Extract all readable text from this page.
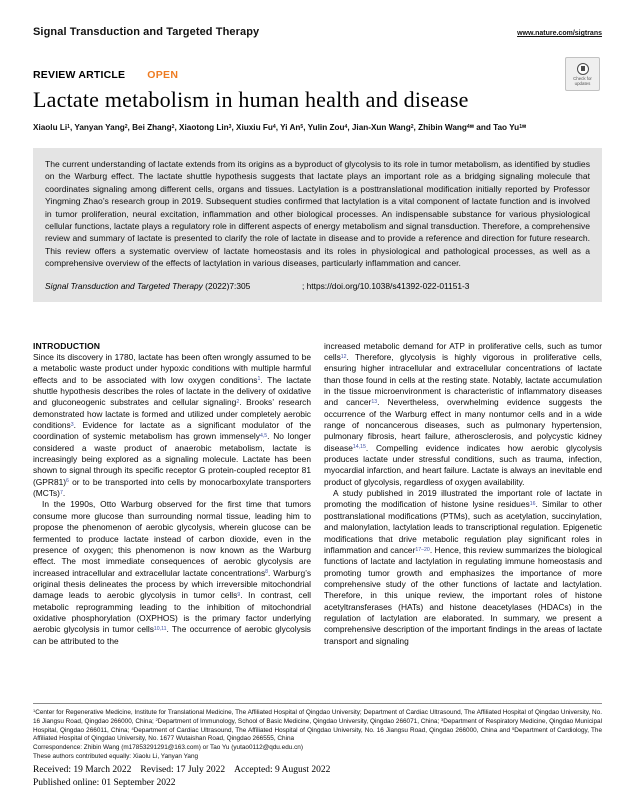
Signal Transduction and Targeted Therapy	www.nature.com/sigtrans
Check for
updates
REVIEW ARTICLE OPEN
Lactate metabolism in human health and disease
Xiaolu Li$^1$, Yanyan Yang$^2$, Bei Zhang$^2$, Xiaotong Lin$^3$, Xiuxiu Fu$^4$, Yi An$^5$, Yulin Zou$^4$, Jian-Xun Wang$^2$, Zhibin Wang$^{4✉}$ and Tao $Yu^{1✉}$
The current understanding of lactate extends from its origins as a byproduct of glycolysis to its role in tumor metabolism, as identified by studies on the Warburg effect. The lactate shuttle hypothesis suggests that lactate plays an important role as a bridging signaling molecule that coordinates signaling among different cells, organs and tissues. Lactylation is a posttranslational modification initially reported by Professor Yingming Zhao’s research group in 2019. Subsequent studies confirmed that lactylation is a vital component of lactate function and is involved in tumor proliferation, neural excitation, inflammation and other biological processes. An indispensable substance for various physiological cellular functions, lactate plays a regulatory role in different aspects of energy metabolism and signal transduction. Therefore, a comprehensive review and summary of lactate is presented to clarify the role of lactate in disease and to provide a reference and direction for future research. This review offers a systematic overview of lactate homeostasis and its roles in physiological and pathological processes, as well as a comprehensive overview of the effects of lactylation in various diseases, particularly inflammation and cancer.
Signal Transduction and Targeted Therapy (2022)7:305	; https://doi.org/10.1038/s41392-022-01151-3
INTRODUCTION

Since its discovery in 1780, lactate has been often wrongly assumed to be a metabolic waste product under hypoxic conditions with multiple harmful effects and to be associated with low oxygen conditions$^1$. The lactate shuttle hypothesis describes the roles of lactate in the delivery of oxidative and gluconeogenic substrates and cellular signaling$^2$. Brooks’ research demonstrated how lactate is formed and utilized under completely aerobic conditions$^3$. Evidence for lactate as a significant modulator of the coordination of systemic metabolism has grown immensely$^{4,5}$. No longer considered a waste product of anaerobic metabolism, lactate is increasingly being explored as a signaling molecule. Lactate has been shown to signal through its specific receptor G protein-coupled receptor 81 (GPR81)$^6$ or to be transported into cells by monocarboxylate transporters (MCTs)$^7$.

In the 1990s, Otto Warburg observed for the first time that tumors consume more glucose than surrounding normal tissue, leading him to propose the phenomenon of aerobic glycolysis, wherein glucose can be fermented to produce lactate instead of carbon dioxide, even in the presence of oxygen; this phenomenon is now known as the Warburg effect. The most immediate consequences of aerobic glycolysis are increased intracellular and extracellular lactate concentrations$^8$. Warburg’s original thesis delineates the process by which irreversible mitochondrial damage leads to aerobic glycolysis in tumor cells$^9$. In contrast, cell metabolic reprogramming leading to the inhibition of mitochondrial oxidative phosphorylation (OXPHOS) is the primary factor underlying aerobic glycolysis in tumor cells$^{10,11}$. The occurrence of aerobic glycolysis can be attributed to the

increased metabolic demand for ATP in proliferative cells, such as tumor cells$^{12}$. Therefore, glycolysis is highly vigorous in proliferative cells, ensuring higher intracellular and extracellular concentrations of lactate than those found in cells at the resting state. Notably, lactate accumulation in the tissue microenvironment is characteristic of inflammatory diseases and cancer$^{13}$. Nevertheless, overwhelming evidence suggests the occurrence of the Warburg effect in many nontumor cells and in a wide range of noncancerous diseases, such as pulmonary hypertension, pulmonary fibrosis, heart failure, atherosclerosis, and polycystic kidney disease$^{14,15}$. Compelling evidence indicates how aerobic glycolysis produces lactate under stressful conditions, such as trauma, infection, myocardial infarction, and heart failure. Lactate is always an inevitable end product of glycolysis, regardless of oxygen availability.

A study published in 2019 illustrated the important role of lactate in promoting the modification of histone lysine residues$^{16}$. Similar to other posttranslational modifications (PTMs), such as acetylation, succinylation, and malonylation, lactylation leads to transcriptional regulation. Epigenetic modifications that drive metabolic regulation play significant roles in inflammation and cancer$^{17-20}$. Hence, this review summarizes the biological functions of lactate and lactylation in regulating immune homeostasis and promoting tumor growth and emphasizes the importance of more comprehensive study of the other functions of lactate and lactylation. Therefore, in this unique review, the important roles of histone acetyltransferases (HATs) and histone deacetylases (HDACs) in the regulation of lactylation are elaborated. In summary, we present a comprehensive description of the important findings in the areas of lactate transport and signaling

$^1$Center for Regenerative Medicine, Institute for Translational Medicine, The Affiliated Hospital of Qingdao University; Department of Cardiac Ultrasound, The Affiliated Hospital of Qingdao University, No. 16 Jiangsu Road, Qingdao 266000, China; $^2$Department of Immunology, School of Basic Medicine, Qingdao University, Qingdao 266071, China; $^3$Department of Respiratory Medicine, Qingdao Municipal Hospital, Qingdao 266011, China; $^4$Department of Cardiac Ultrasound, The Affiliated Hospital of Qingdao University, No. 16 Jiangsu Road, Qingdao 266000, China and $^5$Department of Cardiology, The Affiliated Hospital of Qingdao University, No. 1677 Wutaishan Road, Qingdao 266555, China
Correspondence: Zhibin Wang (m17853291291@163.com) or Tao Yu (yutao0112@qdu.edu.cn)
These authors contributed equally: Xiaolu Li, Yanyan Yang
Received: 19 March 2022 Revised: 17 July 2022 Accepted: 9 August 2022
Published online: 01 September 2022
